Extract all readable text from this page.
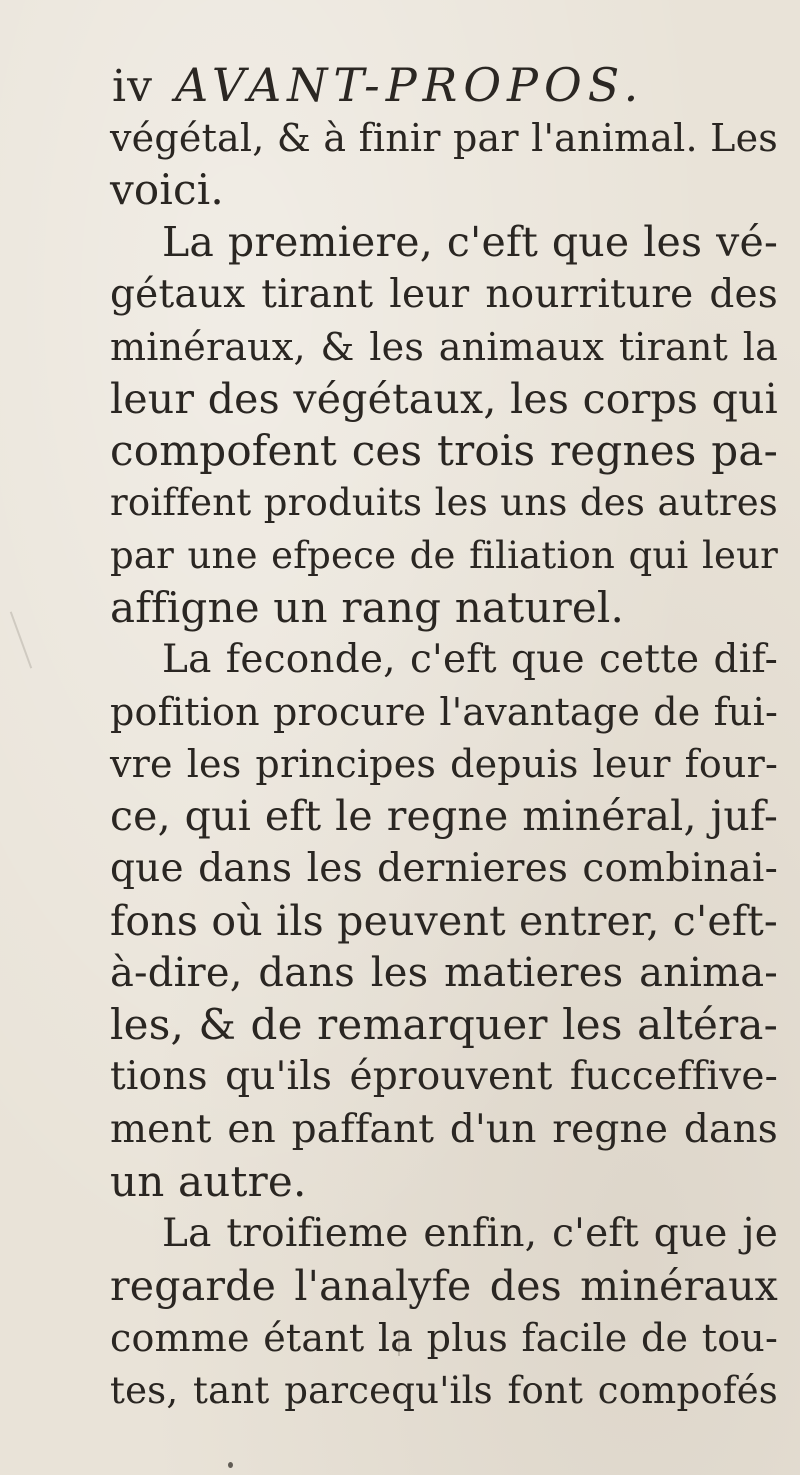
iv AVANT-PROPOS.
végétal, & à finir par l'animal. Les
voici.
La premiere, c'eft que les vé-
gétaux tirant leur nourriture des
minéraux, & les animaux tirant la
leur des végétaux, les corps qui
compofent ces trois regnes pa-
roiffent produits les uns des autres
par une efpece de filiation qui leur
affigne un rang naturel.
La feconde, c'eft que cette dif-
pofition procure l'avantage de fui-
vre les principes depuis leur four-
ce, qui eft le regne minéral, juf-
que dans les dernieres combinai-
fons où ils peuvent entrer, c'eft-
à-dire, dans les matieres anima-
les, & de remarquer les altéra-
tions qu'ils éprouvent fucceffive-
ment en paffant d'un regne dans
un autre.
La troifieme enfin, c'eft que je
regarde l'analyfe des minéraux
comme étant la plus facile de tou-
tes, tant parcequ'ils font compofés
